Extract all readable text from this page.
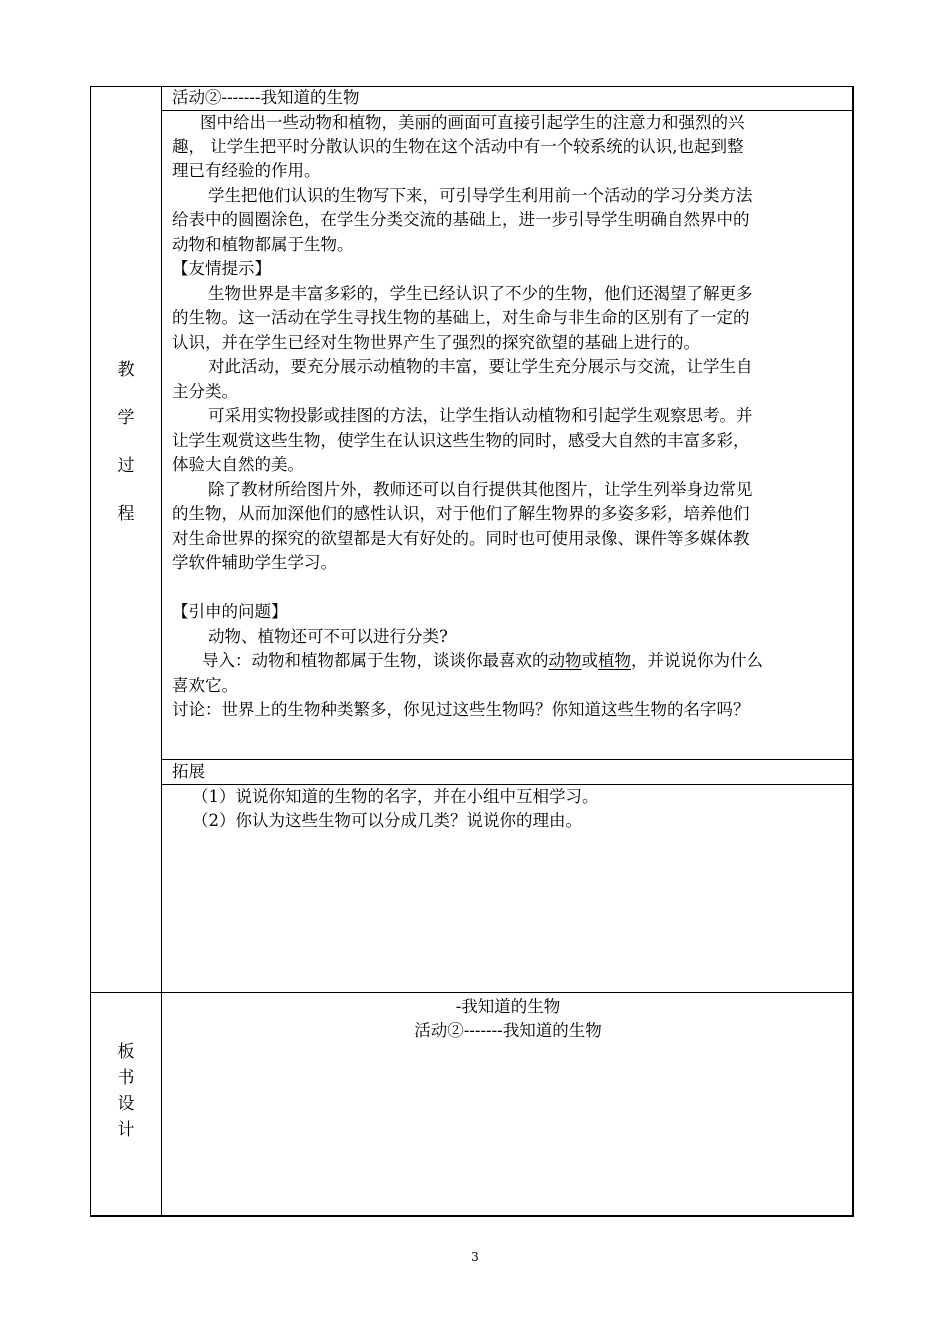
教
学
过
程
板
书
设
计
活动②-------我知道的生物
图中给出一些动物和植物，美丽的画面可直接引起学生的注意力和强烈的兴
趣， 让学生把平时分散认识的生物在这个活动中有一个较系统的认识,也起到整
理已有经验的作用。
学生把他们认识的生物写下来，可引导学生利用前一个活动的学习分类方法
给表中的圆圈涂色，在学生分类交流的基础上，进一步引导学生明确自然界中的
动物和植物都属于生物。
【友情提示】
生物世界是丰富多彩的，学生已经认识了不少的生物，他们还渴望了解更多
的生物。这一活动在学生寻找生物的基础上，对生命与非生命的区别有了一定的
认识，并在学生已经对生物世界产生了强烈的探究欲望的基础上进行的。
对此活动，要充分展示动植物的丰富，要让学生充分展示与交流，让学生自
主分类。
可采用实物投影或挂图的方法，让学生指认动植物和引起学生观察思考。并
让学生观赏这些生物，使学生在认识这些生物的同时，感受大自然的丰富多彩，
体验大自然的美。
除了教材所给图片外，教师还可以自行提供其他图片，让学生列举身边常见
的生物，从而加深他们的感性认识，对于他们了解生物界的多姿多彩，培养他们
对生命世界的探究的欲望都是大有好处的。同时也可使用录像、课件等多媒体教
学软件辅助学生学习。
【引申的问题】
动物、植物还可不可以进行分类?
导入：动物和植物都属于生物，谈谈你最喜欢的动物或植物，并说说你为什么
喜欢它。
讨论：世界上的生物种类繁多，你见过这些生物吗？你知道这些生物的名字吗？
拓展
（1）说说你知道的生物的名字，并在小组中互相学习。
（2）你认为这些生物可以分成几类？说说你的理由。
-我知道的生物
活动②-------我知道的生物
3
